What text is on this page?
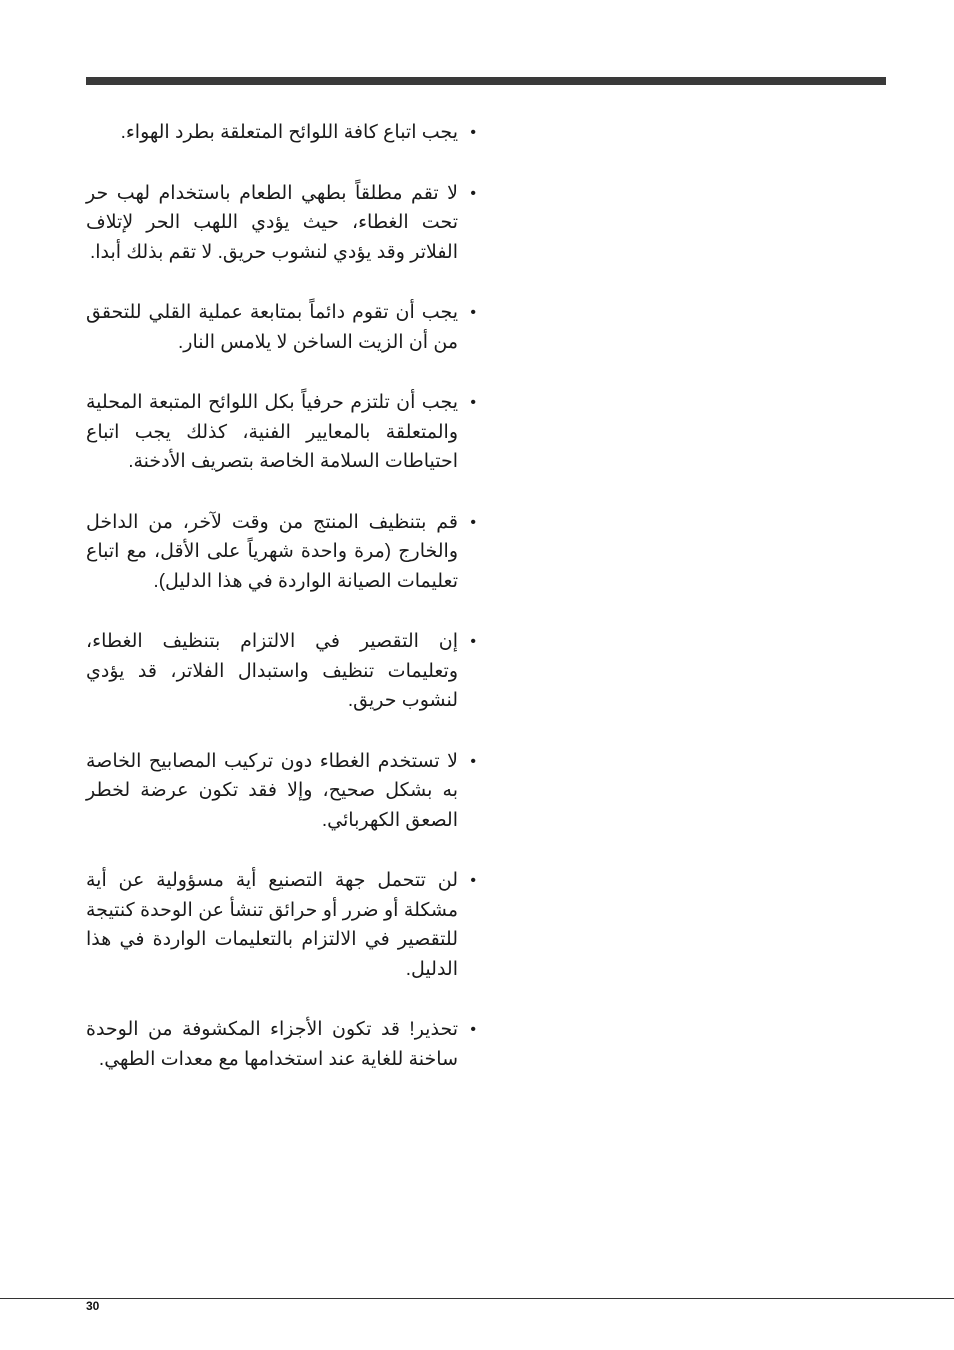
•
يجب اتباع كافة اللوائح المتعلقة بطرد الهواء.
•
لا تقم مطلقاً بطهي الطعام باستخدام لهب حر تحت الغطاء، حيث يؤدي اللهب الحر لإتلاف الفلاتر وقد يؤدي لنشوب حريق. لا تقم بذلك أبدا.
•
يجب أن تقوم دائماً بمتابعة عملية القلي للتحقق من أن الزيت الساخن لا يلامس النار.
•
يجب أن تلتزم حرفياً بكل اللوائح المتبعة المحلية والمتعلقة بالمعايير الفنية، كذلك يجب اتباع احتياطات السلامة الخاصة بتصريف الأدخنة.
•
قم بتنظيف المنتج من وقت لآخر، من الداخل والخارج (مرة واحدة شهرياً على الأقل، مع اتباع تعليمات الصيانة الواردة في هذا الدليل).
•
إن التقصير في الالتزام بتنظيف الغطاء، وتعليمات تنظيف واستبدال الفلاتر، قد يؤدي لنشوب حريق.
•
لا تستخدم الغطاء دون تركيب المصابيح الخاصة به بشكل صحيح، وإلا فقد تكون عرضة لخطر الصعق الكهربائي.
•
لن تتحمل جهة التصنيع أية مسؤولية عن أية مشكلة أو ضرر أو حرائق تنشأ عن الوحدة كنتيجة للتقصير في الالتزام بالتعليمات الواردة في هذا الدليل.
•
تحذير! قد تكون الأجزاء المكشوفة من الوحدة ساخنة للغاية عند استخدامها مع معدات الطهي.
30
